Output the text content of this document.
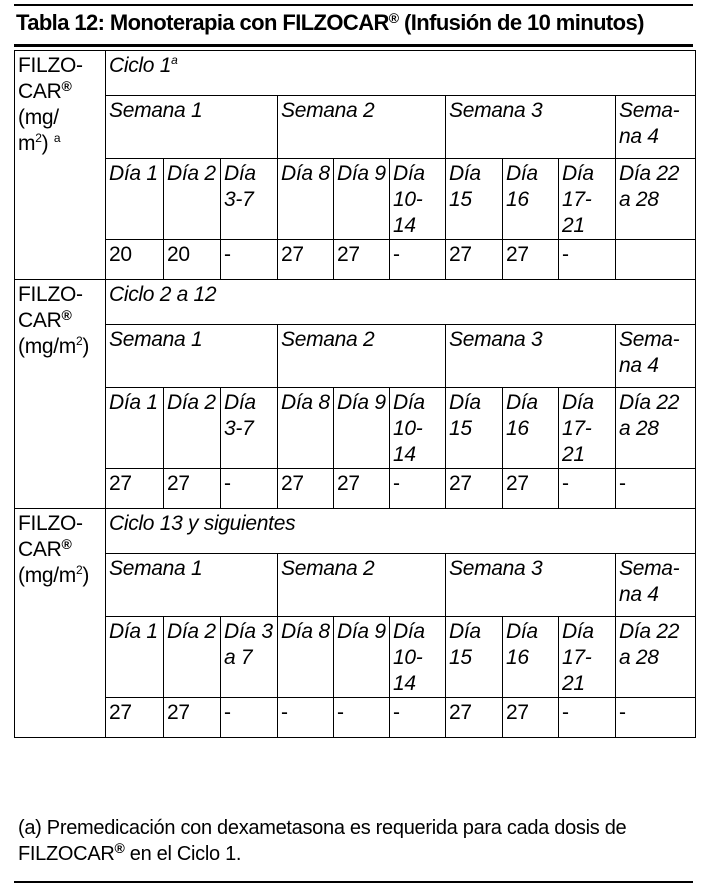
Tabla 12: Monoterapia con FILZOCAR® (Infusión de 10 minutos)
FILZO-
CAR®
(mg/
$m^2$) $^a$	Ciclo 1$^a$
	Semana 1			Semana 2			Semana 3			Sema-na 4
	Día 1	Día 2	Día 3-7	Día 8	Día 9	Día 10-14	Día 15	Día 16	Día 17-21	Día 22 a 28
	20	20	-	27	27	-	27	27	-	
FILZO-
CAR®
$(mg/m^2)$	Ciclo 2 a 12									
	Semana 1			Semana 2			Semana 3			Sema-na 4
	Día 1	Día 2	Día 3-7	Día 8	Día 9	Día 10-14	Día 15	Día 16	Día 17-21	Día 22 a 28
	27	27	-	27	27	-	27	27	-	-
FILZO-
CAR®
$(mg/m^2)$	Ciclo 13 y siguientes									
	Semana 1			Semana 2			Semana 3			Sema-na 4
	Día 1	Día 2	Día 3 a 7	Día 8	Día 9	Día 10-14	Día 15	Día 16	Día 17-21	Día 22 a 28
	27	27	-	-	-	-	27	27	-	-
(a) Premedicación con dexametasona es requerida para cada dosis de FILZOCAR® en el Ciclo 1.
